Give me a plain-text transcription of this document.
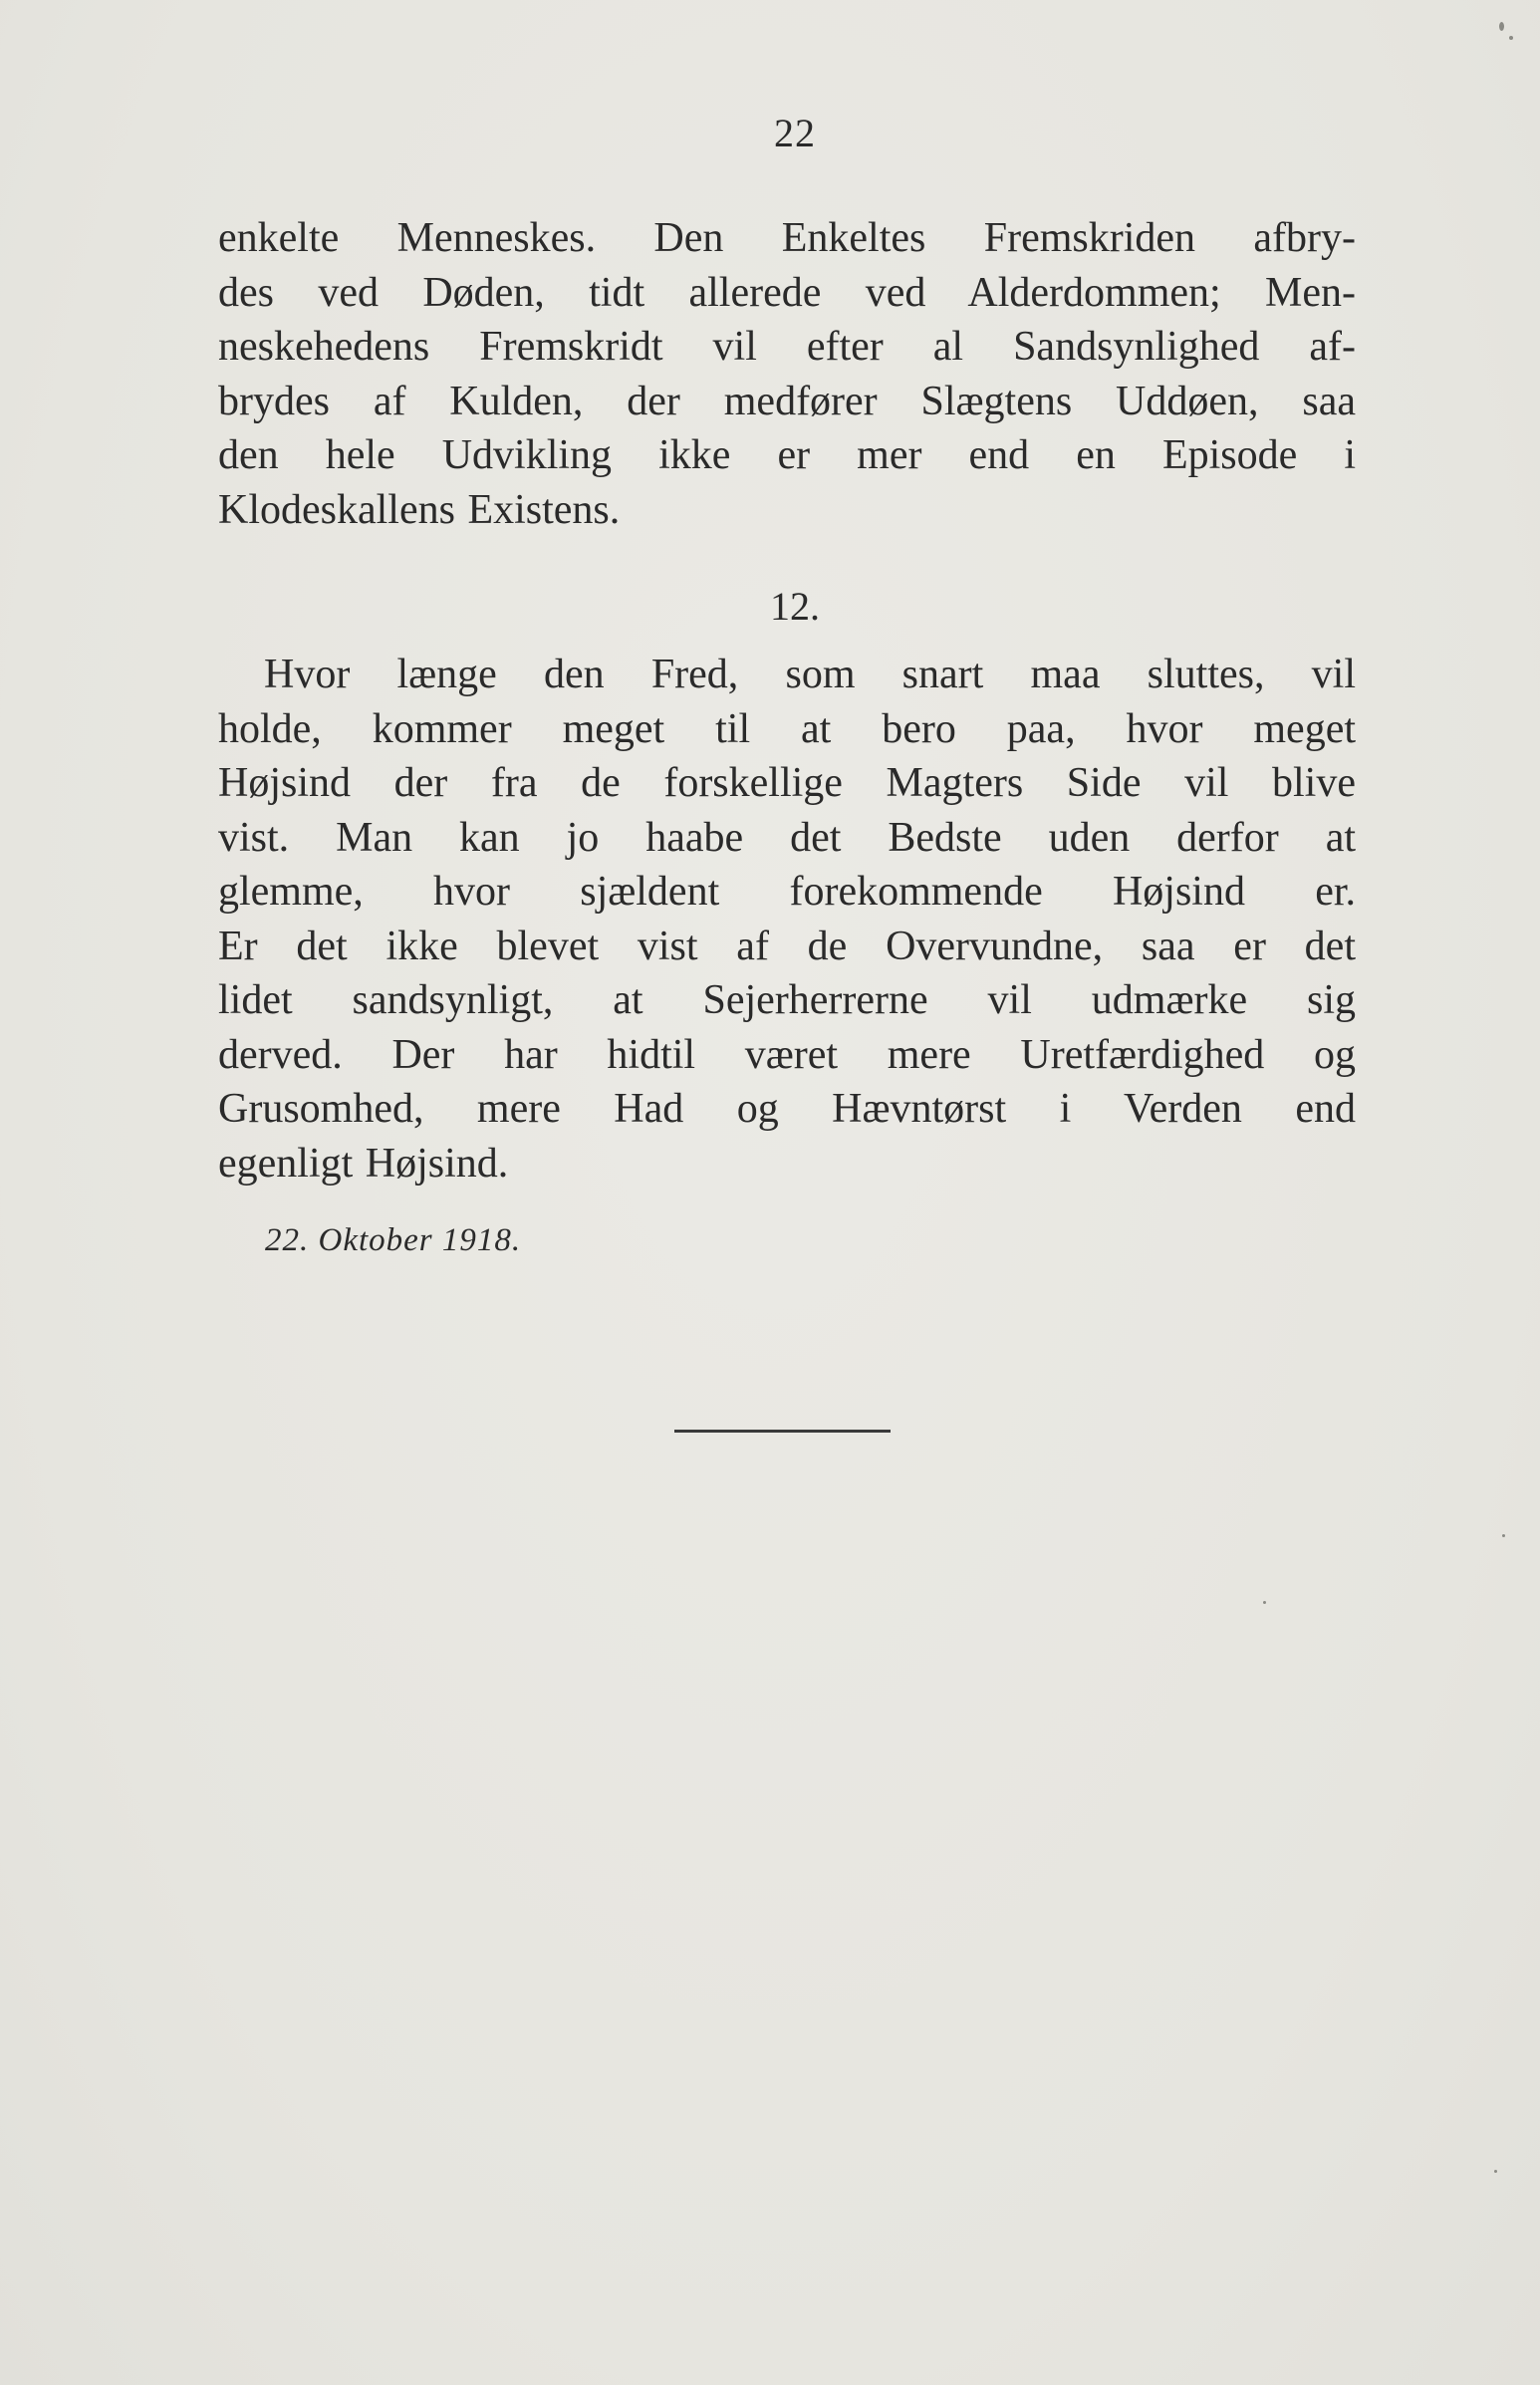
22
enkelte Menneskes. Den Enkeltes Fremskriden afbry-
des ved Døden, tidt allerede ved Alderdommen; Men-
neskehedens Fremskridt vil efter al Sandsynlighed af-
brydes af Kulden, der medfører Slægtens Uddøen, saa
den hele Udvikling ikke er mer end en Episode i
Klodeskallens Existens.
12.
Hvor længe den Fred, som snart maa sluttes, vil
holde, kommer meget til at bero paa, hvor meget
Højsind der fra de forskellige Magters Side vil blive
vist. Man kan jo haabe det Bedste uden derfor at
glemme, hvor sjældent forekommende Højsind er.
Er det ikke blevet vist af de Overvundne, saa er det
lidet sandsynligt, at Sejerherrerne vil udmærke sig
derved. Der har hidtil været mere Uretfærdighed og
Grusomhed, mere Had og Hævntørst i Verden end
egenligt Højsind.
22. Oktober 1918.
